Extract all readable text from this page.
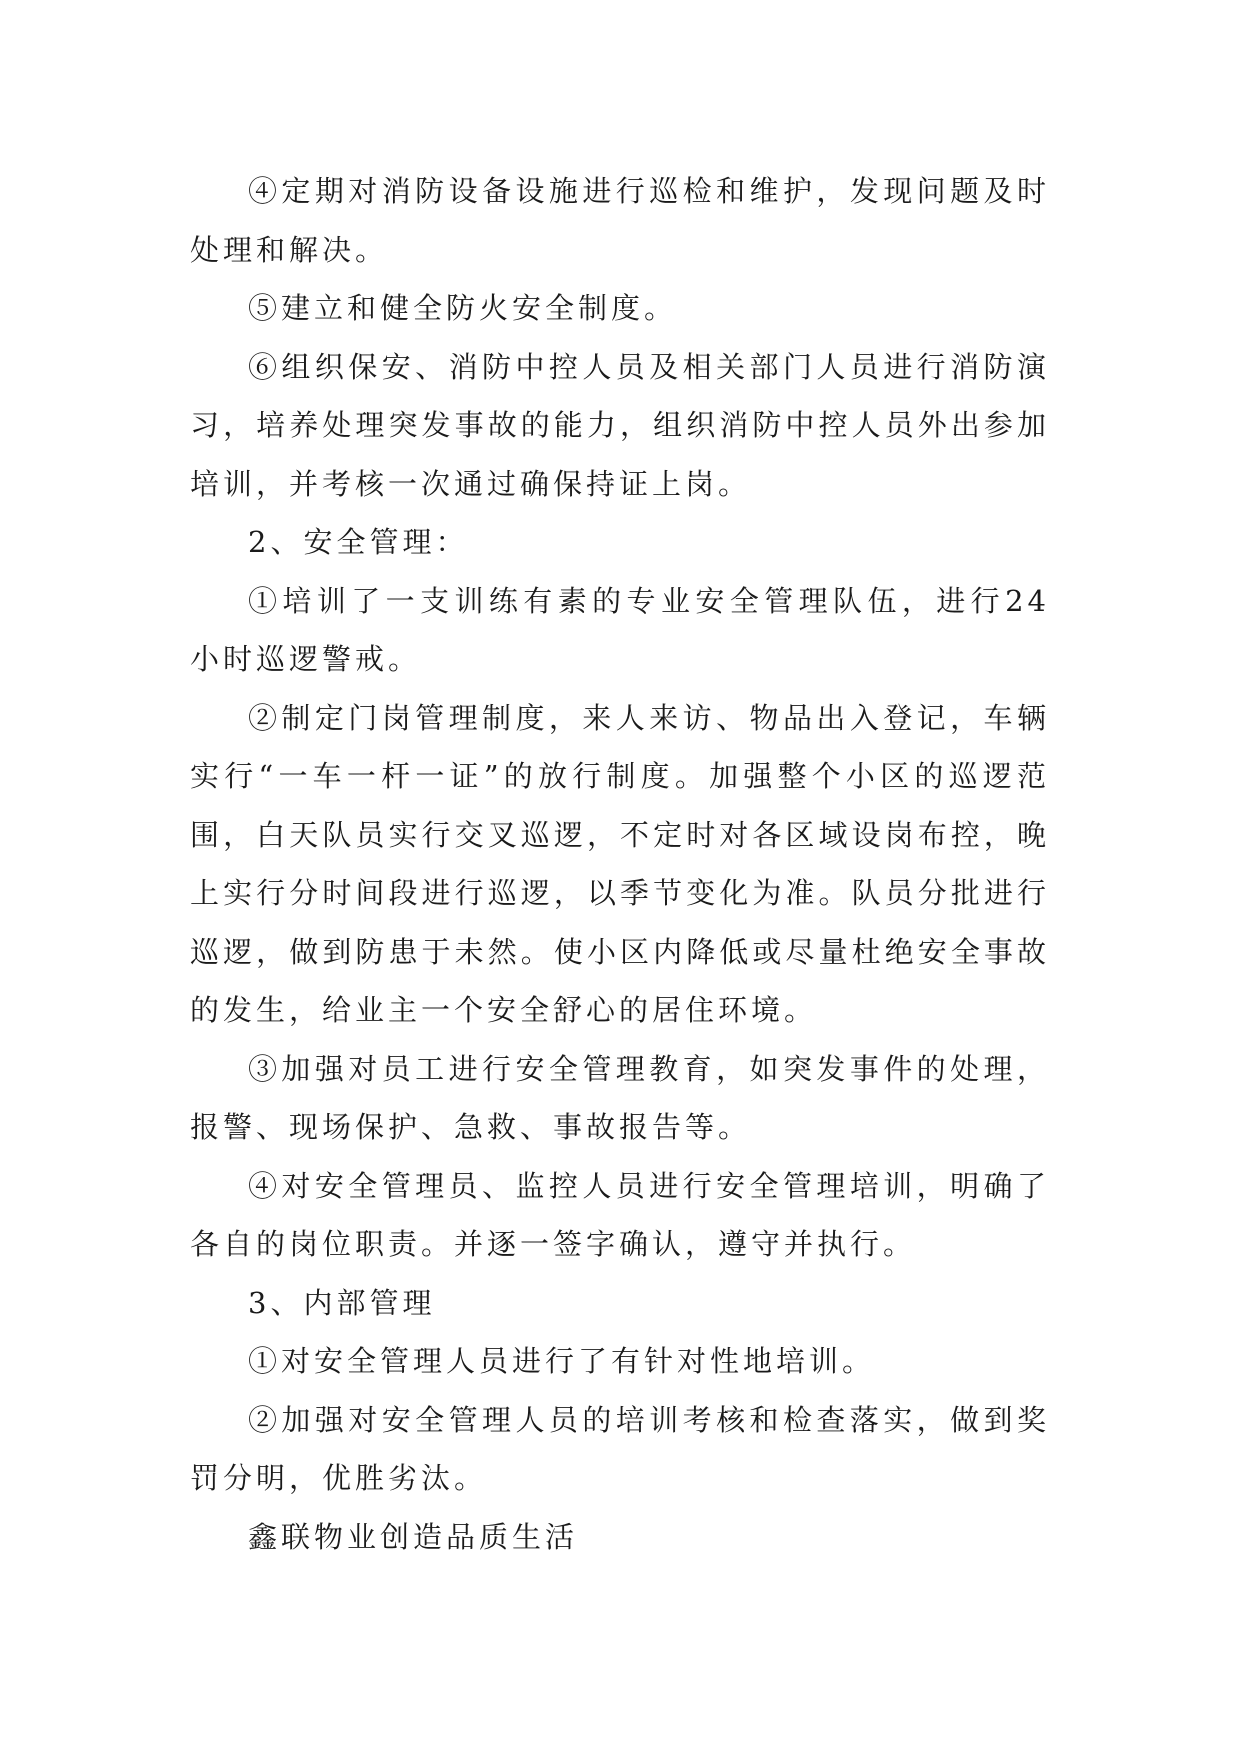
④定期对消防设备设施进行巡检和维护，发现问题及时处理和解决。

⑤建立和健全防火安全制度。

⑥组织保安、消防中控人员及相关部门人员进行消防演习，培养处理突发事故的能力，组织消防中控人员外出参加培训，并考核一次通过确保持证上岗。

2、安全管理：

①培训了一支训练有素的专业安全管理队伍，进行24小时巡逻警戒。

②制定门岗管理制度，来人来访、物品出入登记，车辆实行“一车一杆一证”的放行制度。加强整个小区的巡逻范围，白天队员实行交叉巡逻，不定时对各区域设岗布控，晚上实行分时间段进行巡逻，以季节变化为准。队员分批进行巡逻，做到防患于未然。使小区内降低或尽量杜绝安全事故的发生，给业主一个安全舒心的居住环境。

③加强对员工进行安全管理教育，如突发事件的处理，报警、现场保护、急救、事故报告等。

④对安全管理员、监控人员进行安全管理培训，明确了各自的岗位职责。并逐一签字确认，遵守并执行。

3、内部管理

①对安全管理人员进行了有针对性地培训。

②加强对安全管理人员的培训考核和检查落实，做到奖罚分明，优胜劣汰。

鑫联物业创造品质生活
